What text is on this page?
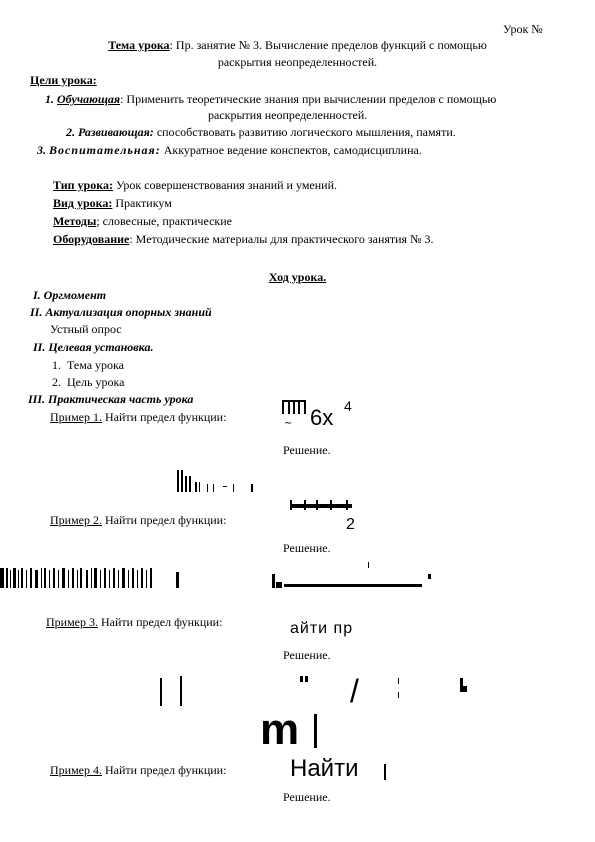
Урок №
Тема урока: Пр. занятие № 3. Вычисление пределов функций с помощью
раскрытия неопределенностей.
Цели урока:
1. Обучающая: Применить теоретические знания при вычислении пределов с помощью
раскрытия неопределенностей.
2. Развивающая: способствовать развитию логического мышления, памяти.
3. Воспитательная: Аккуратное ведение конспектов, самодисциплина.
Тип урока: Урок совершенствования знаний и умений.
Вид урока: Практикум
Методы; словесные, практические
Оборудование: Методические материалы для практического занятия № 3.
Ход урока.
I. Оргмомент
II. Актуализация опорных знаний
Устный опрос
II. Целевая установка.
1. Тема урока
2. Цель урока
III. Практическая часть урока
Пример 1. Найти предел функции:	∼ 6x 4
Решение.
2
Пример 2. Найти предел функции:
Решение.
Пример 3. Найти предел функции:	айти пр
Решение.
/
m
Пример 4. Найти предел функции:	Найти
Решение.
